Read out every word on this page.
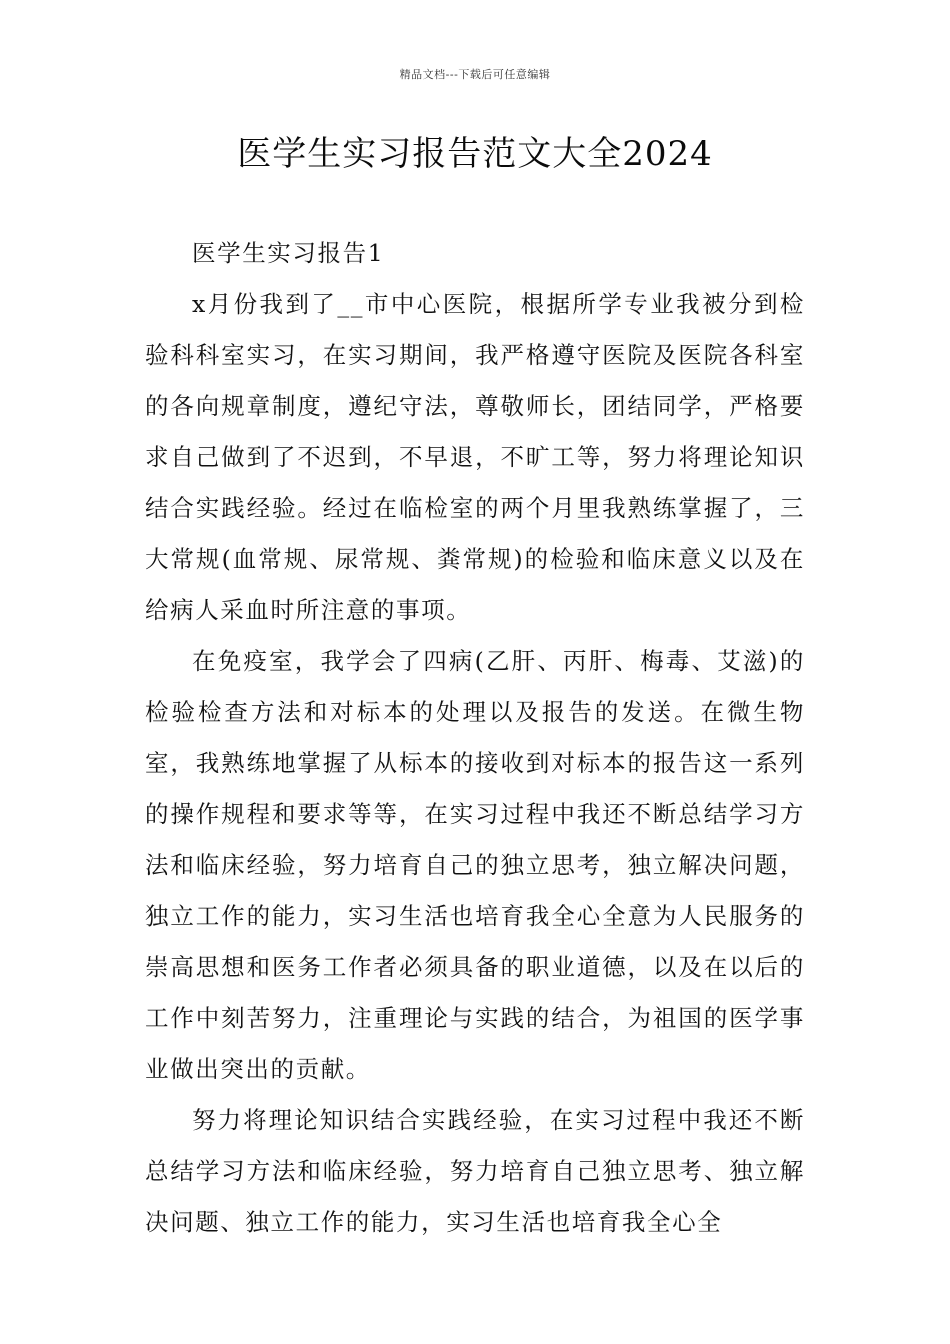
精品文档---下载后可任意编辑
医学生实习报告范文大全2024

医学生实习报告1

x月份我到了__市中心医院，根据所学专业我被分到检验科科室实习，在实习期间，我严格遵守医院及医院各科室的各向规章制度，遵纪守法，尊敬师长，团结同学，严格要求自己做到了不迟到，不早退，不旷工等，努力将理论知识结合实践经验。经过在临检室的两个月里我熟练掌握了，三大常规(血常规、尿常规、粪常规)的检验和临床意义以及在给病人采血时所注意的事项。

在免疫室，我学会了四病(乙肝、丙肝、梅毒、艾滋)的检验检查方法和对标本的处理以及报告的发送。在微生物室，我熟练地掌握了从标本的接收到对标本的报告这一系列的操作规程和要求等等，在实习过程中我还不断总结学习方法和临床经验，努力培育自己的独立思考，独立解决问题，独立工作的能力，实习生活也培育我全心全意为人民服务的崇高思想和医务工作者必须具备的职业道德，以及在以后的工作中刻苦努力，注重理论与实践的结合，为祖国的医学事业做出突出的贡献。

努力将理论知识结合实践经验，在实习过程中我还不断总结学习方法和临床经验，努力培育自己独立思考、独立解决问题、独立工作的能力，实习生活也培育我全心全
